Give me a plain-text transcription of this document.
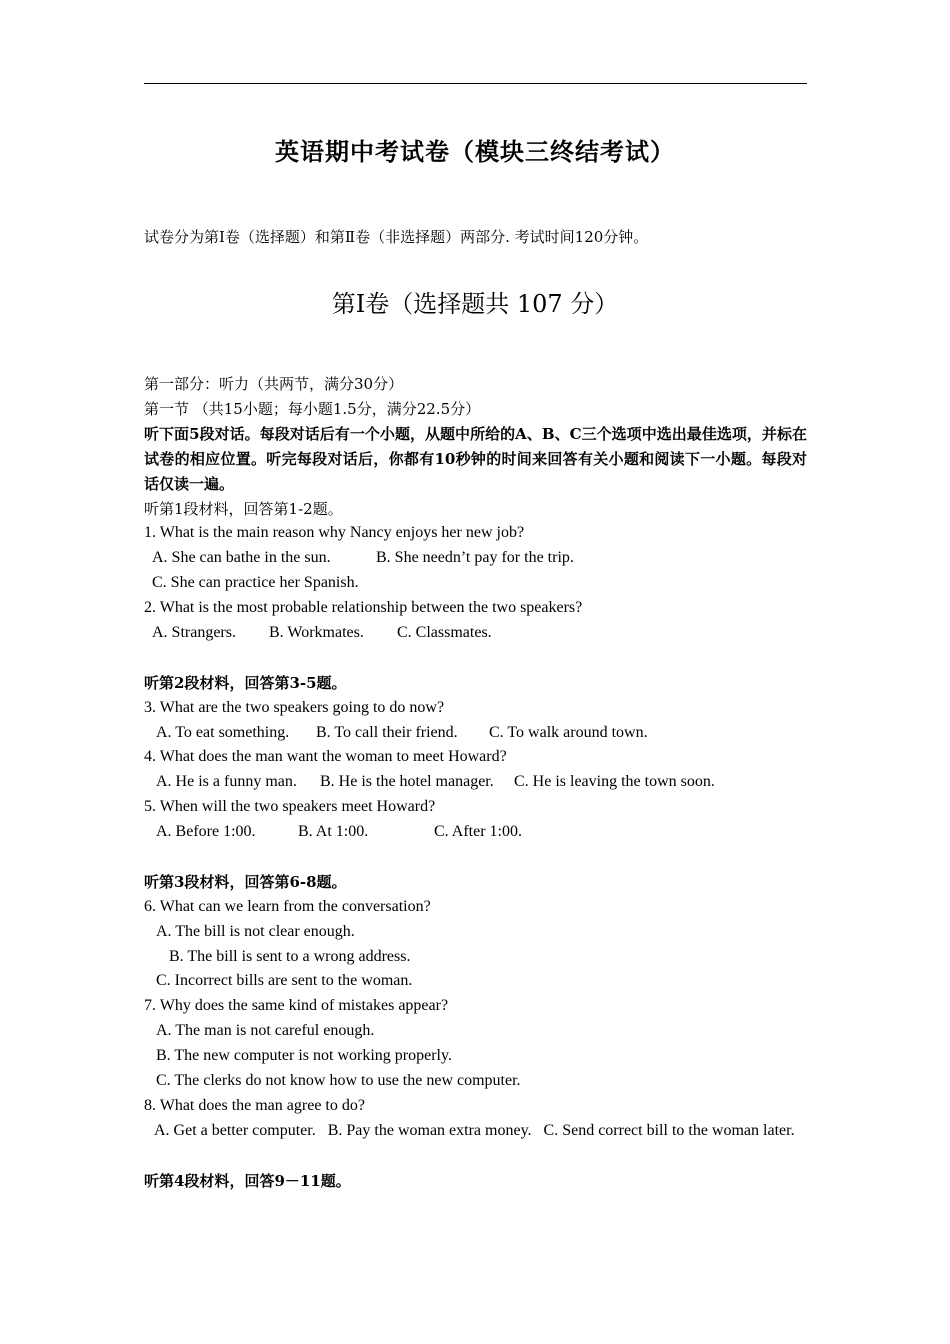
英语期中考试卷（模块三终结考试）
试卷分为第Ⅰ卷（选择题）和第Ⅱ卷（非选择题）两部分. 考试时间120分钟。
第Ⅰ卷（选择题共 107 分）
第一部分：听力（共两节，满分30分）
第一节 （共15小题；每小题1.5分，满分22.5分）
听下面5段对话。每段对话后有一个小题，从题中所给的A、B、C三个选项中选出最佳选项，并标在试卷的相应位置。听完每段对话后，你都有10秒钟的时间来回答有关小题和阅读下一小题。每段对话仅读一遍。
听第1段材料，回答第1-2题。
1. What is the main reason why Nancy enjoys her new job?
A. She can bathe in the sun.	B. She needn’t pay for the trip.
C. She can practice her Spanish.
2. What is the most probable relationship between the two speakers?
A. Strangers. B. Workmates. C. Classmates.
听第2段材料，回答第3-5题。
3. What are the two speakers going to do now?
A. To eat something. B. To call their friend. C. To walk around town.
4. What does the man want the woman to meet Howard?
A. He is a funny man. B. He is the hotel manager. C. He is leaving the town soon.
5. When will the two speakers meet Howard?
A. Before 1:00.	B. At 1:00.	C. After 1:00.
听第3段材料，回答第6-8题。
6. What can we learn from the conversation?
A. The bill is not clear enough.
B. The bill is sent to a wrong address.
C. Incorrect bills are sent to the woman.
7. Why does the same kind of mistakes appear?
A. The man is not careful enough.
B. The new computer is not working properly.
C. The clerks do not know how to use the new computer.
8. What does the man agree to do?
A. Get a better computer.   B. Pay the woman extra money.   C. Send correct bill to the woman later.
听第4段材料，回答9－11题。
